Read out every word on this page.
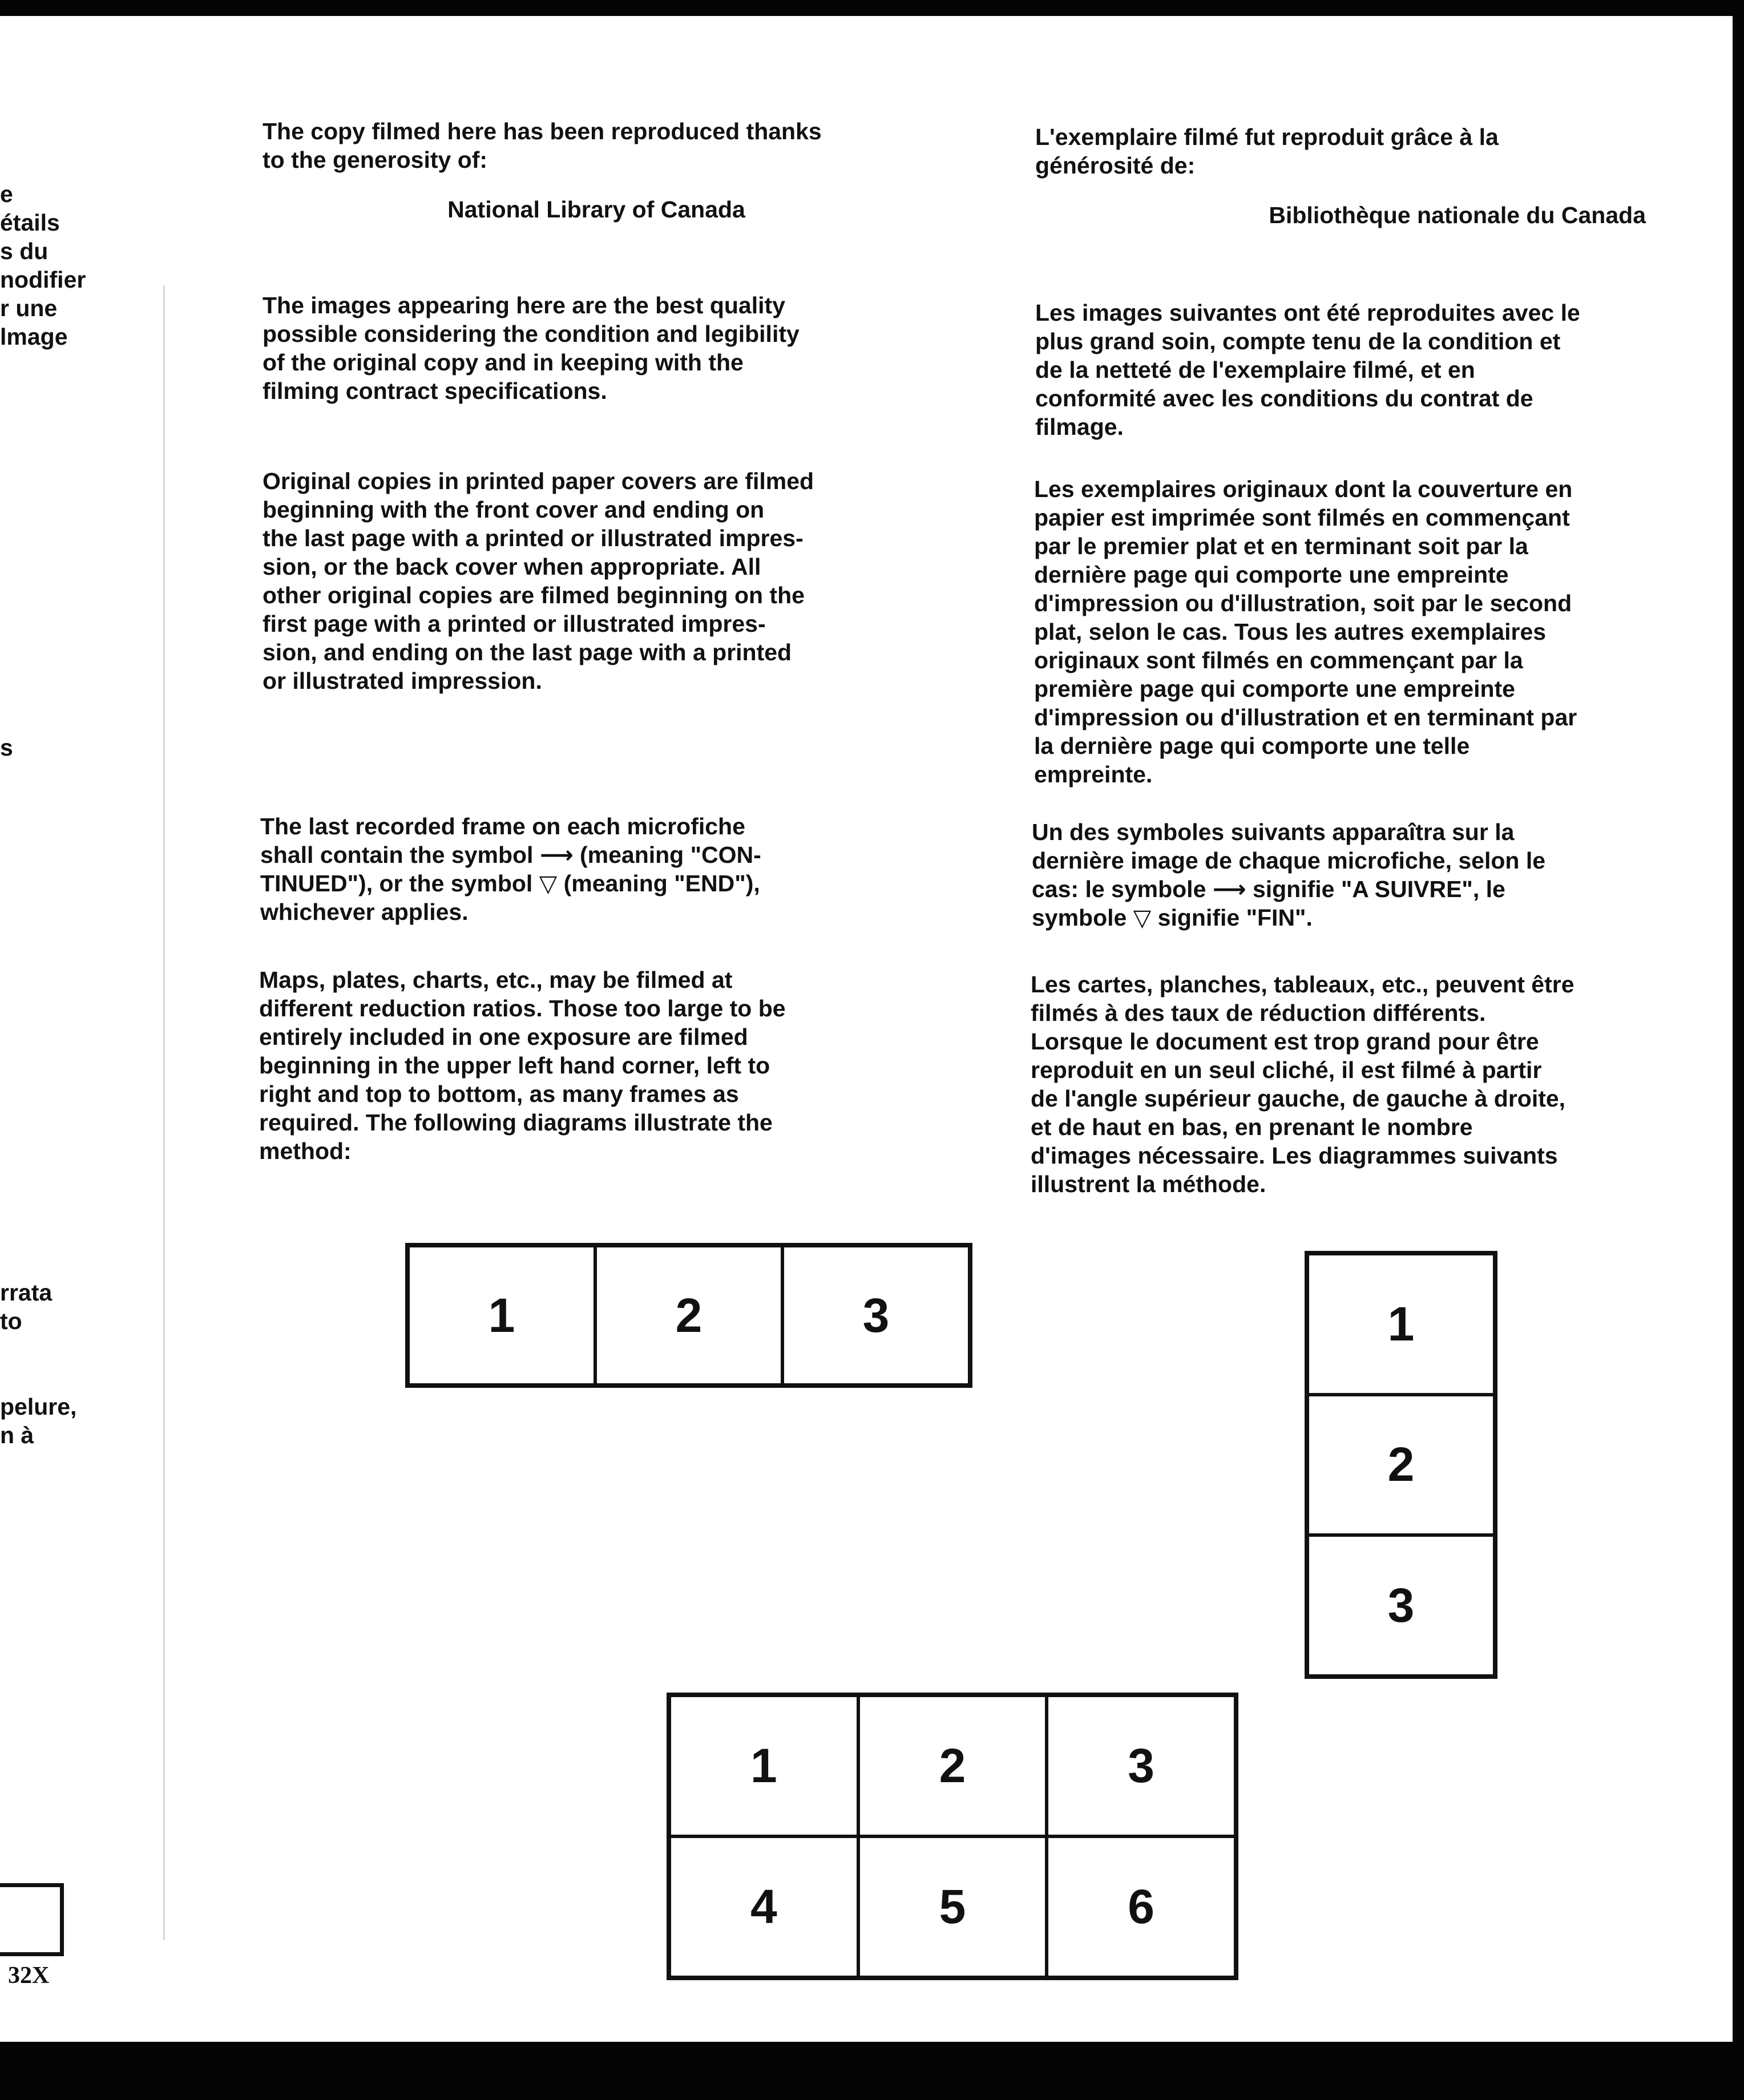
e
étails
s du
nodifier
r une
lmage

s

rrata
to

pelure,
n à

The copy filmed here has been reproduced thanks
to the generosity of:

National Library of Canada

The images appearing here are the best quality
possible considering the condition and legibility
of the original copy and in keeping with the
filming contract specifications.

Original copies in printed paper covers are filmed
beginning with the front cover and ending on
the last page with a printed or illustrated impres-
sion, or the back cover when appropriate. All
other original copies are filmed beginning on the
first page with a printed or illustrated impres-
sion, and ending on the last page with a printed
or illustrated impression.

The last recorded frame on each microfiche
shall contain the symbol ⟶ (meaning "CON-
TINUED"), or the symbol ▽ (meaning "END"),
whichever applies.

Maps, plates, charts, etc., may be filmed at
different reduction ratios. Those too large to be
entirely included in one exposure are filmed
beginning in the upper left hand corner, left to
right and top to bottom, as many frames as
required. The following diagrams illustrate the
method:

L'exemplaire filmé fut reproduit grâce à la
générosité de:

Bibliothèque nationale du Canada

Les images suivantes ont été reproduites avec le
plus grand soin, compte tenu de la condition et
de la netteté de l'exemplaire filmé, et en
conformité avec les conditions du contrat de
filmage.

Les exemplaires originaux dont la couverture en
papier est imprimée sont filmés en commençant
par le premier plat et en terminant soit par la
dernière page qui comporte une empreinte
d'impression ou d'illustration, soit par le second
plat, selon le cas. Tous les autres exemplaires
originaux sont filmés en commençant par la
première page qui comporte une empreinte
d'impression ou d'illustration et en terminant par
la dernière page qui comporte une telle
empreinte.

Un des symboles suivants apparaîtra sur la
dernière image de chaque microfiche, selon le
cas: le symbole ⟶ signifie "A SUIVRE", le
symbole ▽ signifie "FIN".

Les cartes, planches, tableaux, etc., peuvent être
filmés à des taux de réduction différents.
Lorsque le document est trop grand pour être
reproduit en un seul cliché, il est filmé à partir
de l'angle supérieur gauche, de gauche à droite,
et de haut en bas, en prenant le nombre
d'images nécessaire. Les diagrammes suivants
illustrent la méthode.

1	2	3	1
2
3
1	2	3
4	5	6
32X
